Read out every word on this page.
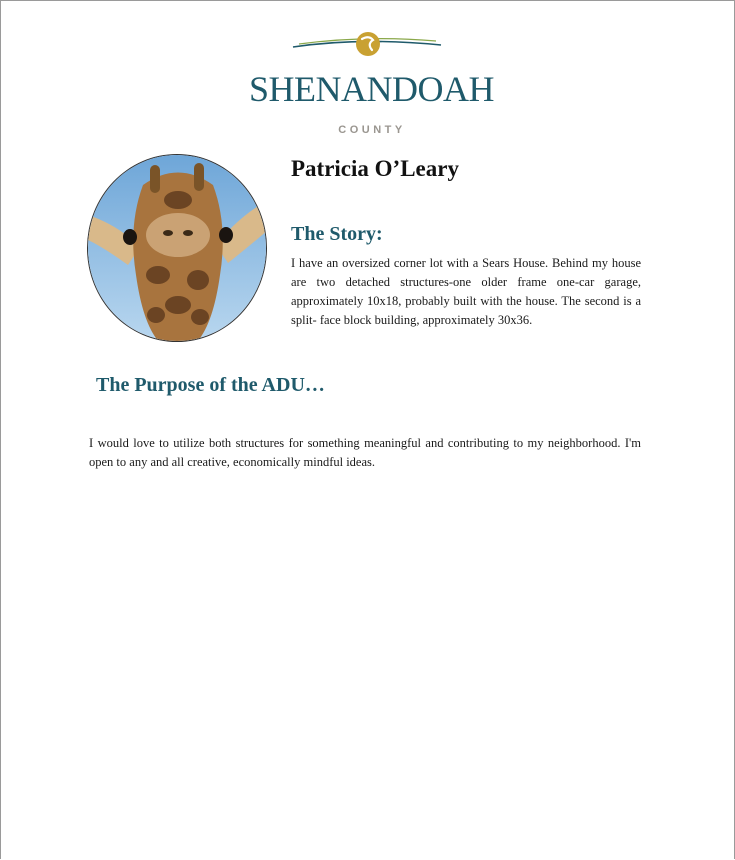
SHENANDOAH
COUNTY
Patricia O’Leary
The Story:
I have an oversized corner lot with a Sears House. Behind my house are two detached structures-one older frame one-car garage, approximately 10x18, probably built with the house. The second is a split- face block building, approximately 30x36.
The Purpose of the ADU…
I would love to utilize both structures for something meaningful and contributing to my neighborhood. I'm open to any and all creative, economically mindful ideas.
